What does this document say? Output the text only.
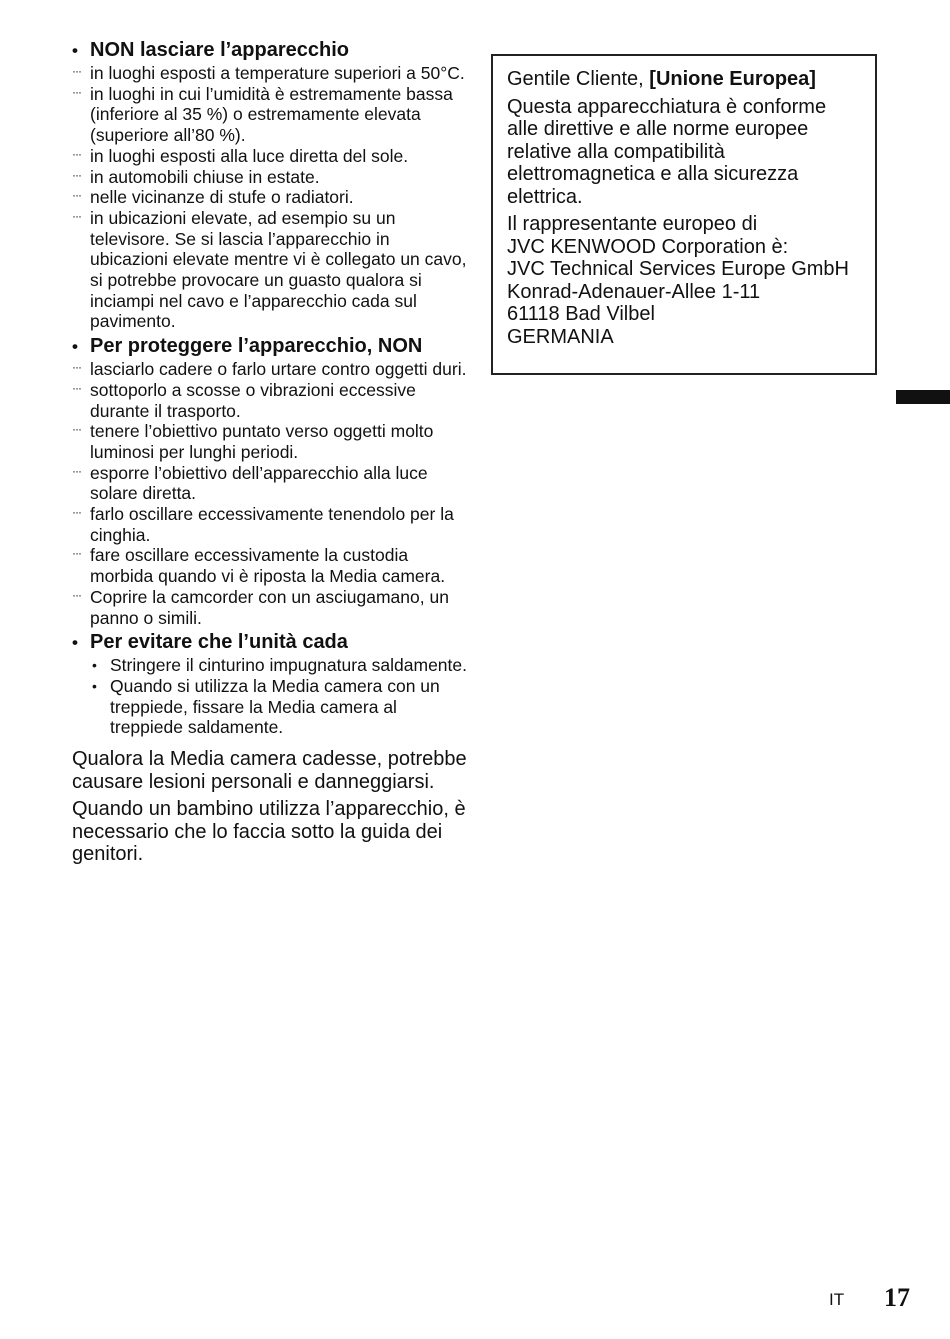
• NON lasciare l’apparecchio
··· in luoghi esposti a temperature superiori a 50°C.
··· in luoghi in cui l’umidità è estremamente bassa (inferiore al 35 %) o estremamente elevata (superiore all’80 %).
··· in luoghi esposti alla luce diretta del sole.
··· in automobili chiuse in estate.
··· nelle vicinanze di stufe o radiatori.
··· in ubicazioni elevate, ad esempio su un televisore. Se si lascia l’apparecchio in ubicazioni elevate mentre vi è collegato un cavo, si potrebbe provocare un guasto qualora si inciampi nel cavo e l’apparecchio cada sul pavimento.
• Per proteggere l’apparecchio, NON
··· lasciarlo cadere o farlo urtare contro oggetti duri.
··· sottoporlo a scosse o vibrazioni eccessive durante il trasporto.
··· tenere l’obiettivo puntato verso oggetti molto luminosi per lunghi periodi.
··· esporre l’obiettivo dell’apparecchio alla luce solare diretta.
··· farlo oscillare eccessivamente tenendolo per la cinghia.
··· fare oscillare eccessivamente la custodia morbida quando vi è riposta la Media camera.
··· Coprire la camcorder con un asciugamano, un panno o simili.
• Per evitare che l’unità cada
• Stringere il cinturino impugnatura saldamente.
• Quando si utilizza la Media camera con un treppiede, fissare la Media camera al treppiede saldamente.

Qualora la Media camera cadesse, potrebbe causare lesioni personali e danneggiarsi.

Quando un bambino utilizza l’apparecchio, è necessario che lo faccia sotto la guida dei genitori.

Gentile Cliente, [Unione Europea]

Questa apparecchiatura è conforme alle direttive e alle norme europee relative alla compatibilità elettromagnetica e alla sicurezza elettrica.

Il rappresentante europeo di
JVC KENWOOD Corporation è:
JVC Technical Services Europe GmbH
Konrad-Adenauer-Allee 1-11
61118 Bad Vilbel
GERMANIA

IT 17
